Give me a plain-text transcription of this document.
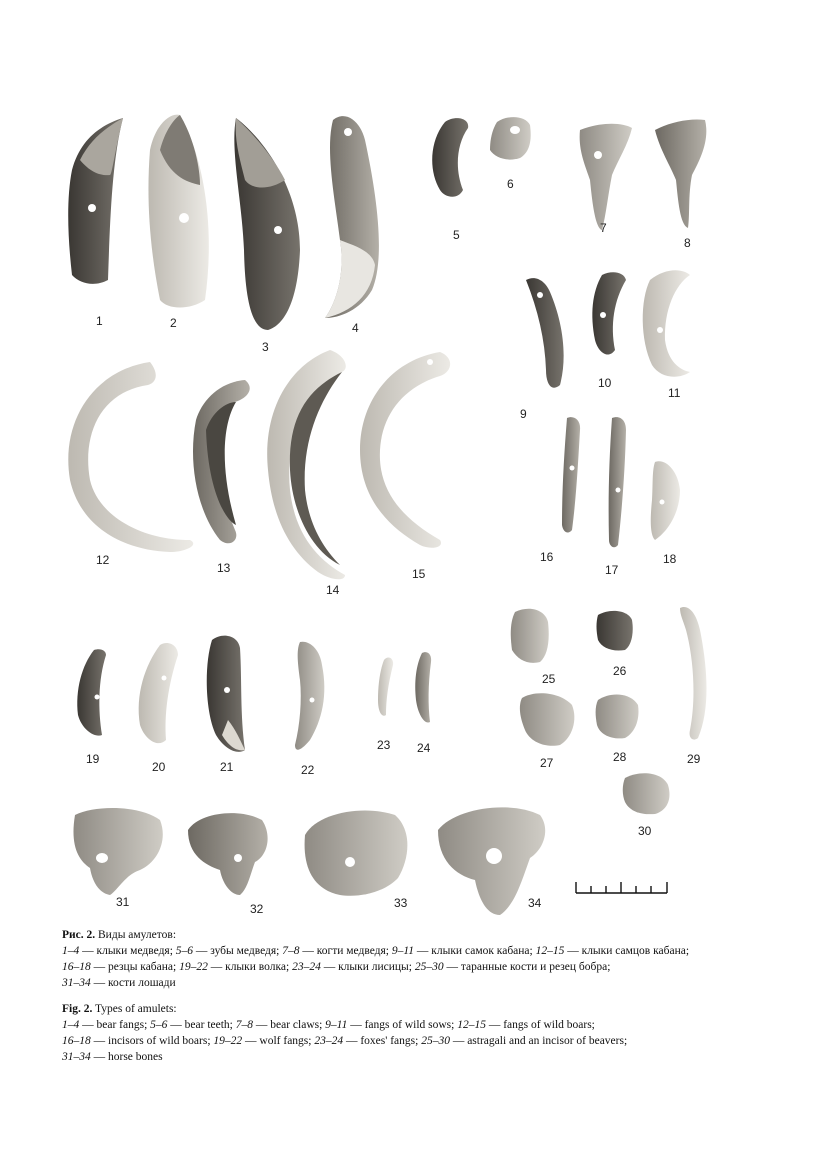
1	2
3
4
5
6
7
8
9
10
11
12
13
14
15
16
17
18
19
20	21	22
23 24
25
26
27	28	29
30
31	32	33	34
Рис. 2. Виды амулетов:
1–4 — клыки медведя; 5–6 — зубы медведя; 7–8 — когти медведя; 9–11 — клыки самок кабана; 12–15 — клыки самцов кабана;
16–18 — резцы кабана; 19–22 — клыки волка; 23–24 — клыки лисицы; 25–30 — таранные кости и резец бобра;
31–34 — кости лошади
Fig. 2. Types of amulets:
1–4 — bear fangs; 5–6 — bear teeth; 7–8 — bear claws; 9–11 — fangs of wild sows; 12–15 — fangs of wild boars;
16–18 — incisors of wild boars; 19–22 — wolf fangs; 23–24 — foxes' fangs; 25–30 — astragali and an incisor of beavers;
31–34 — horse bones
